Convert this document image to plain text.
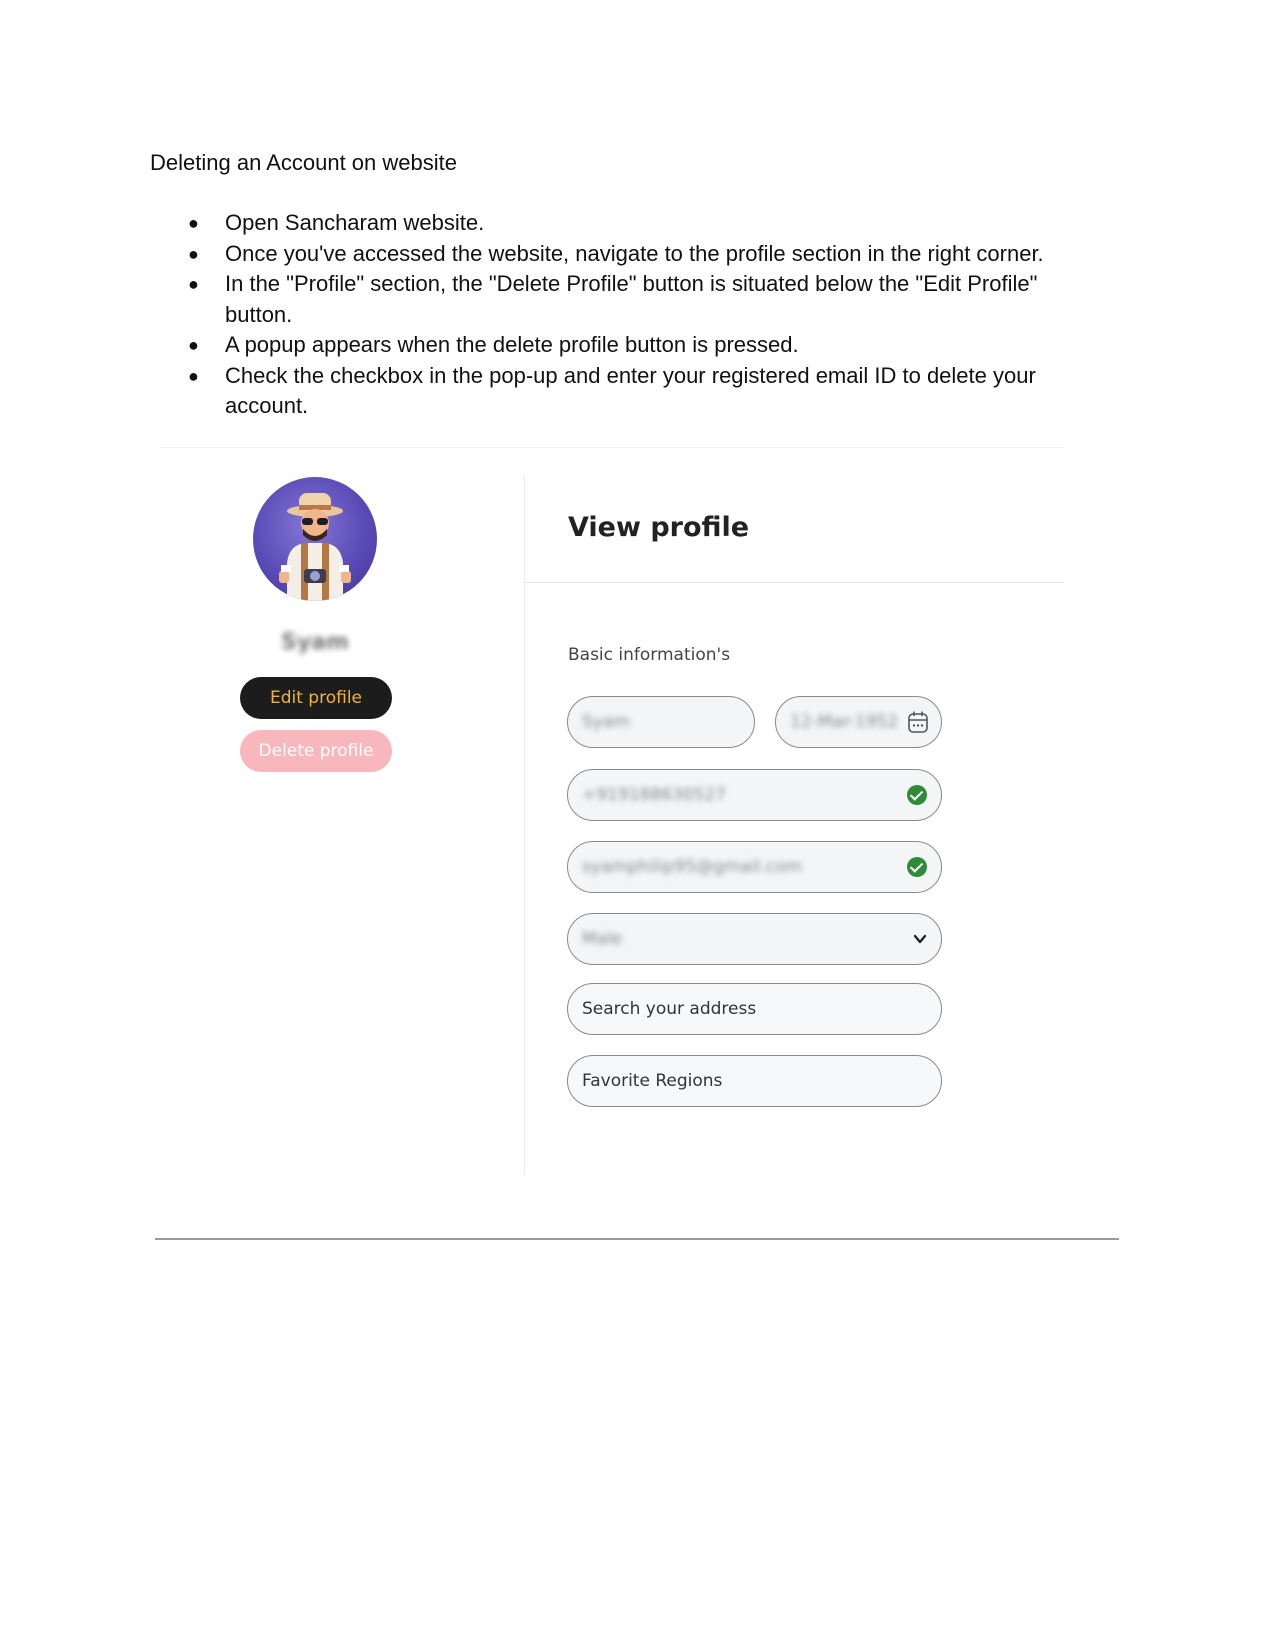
Deleting an Account on website
● Open Sancharam website.
● Once you've accessed the website, navigate to the profile section in the right corner.
● In the "Profile" section, the "Delete Profile" button is situated below the "Edit Profile" button.
● A popup appears when the delete profile button is pressed.
● Check the checkbox in the pop-up and enter your registered email ID to delete your account.
Syam
Edit profile
Delete profile
View profile
Basic information's
Syam	12-Mar-1952
+919188630527
syamphilip95@gmail.com
Male
Search your address
Favorite Regions
